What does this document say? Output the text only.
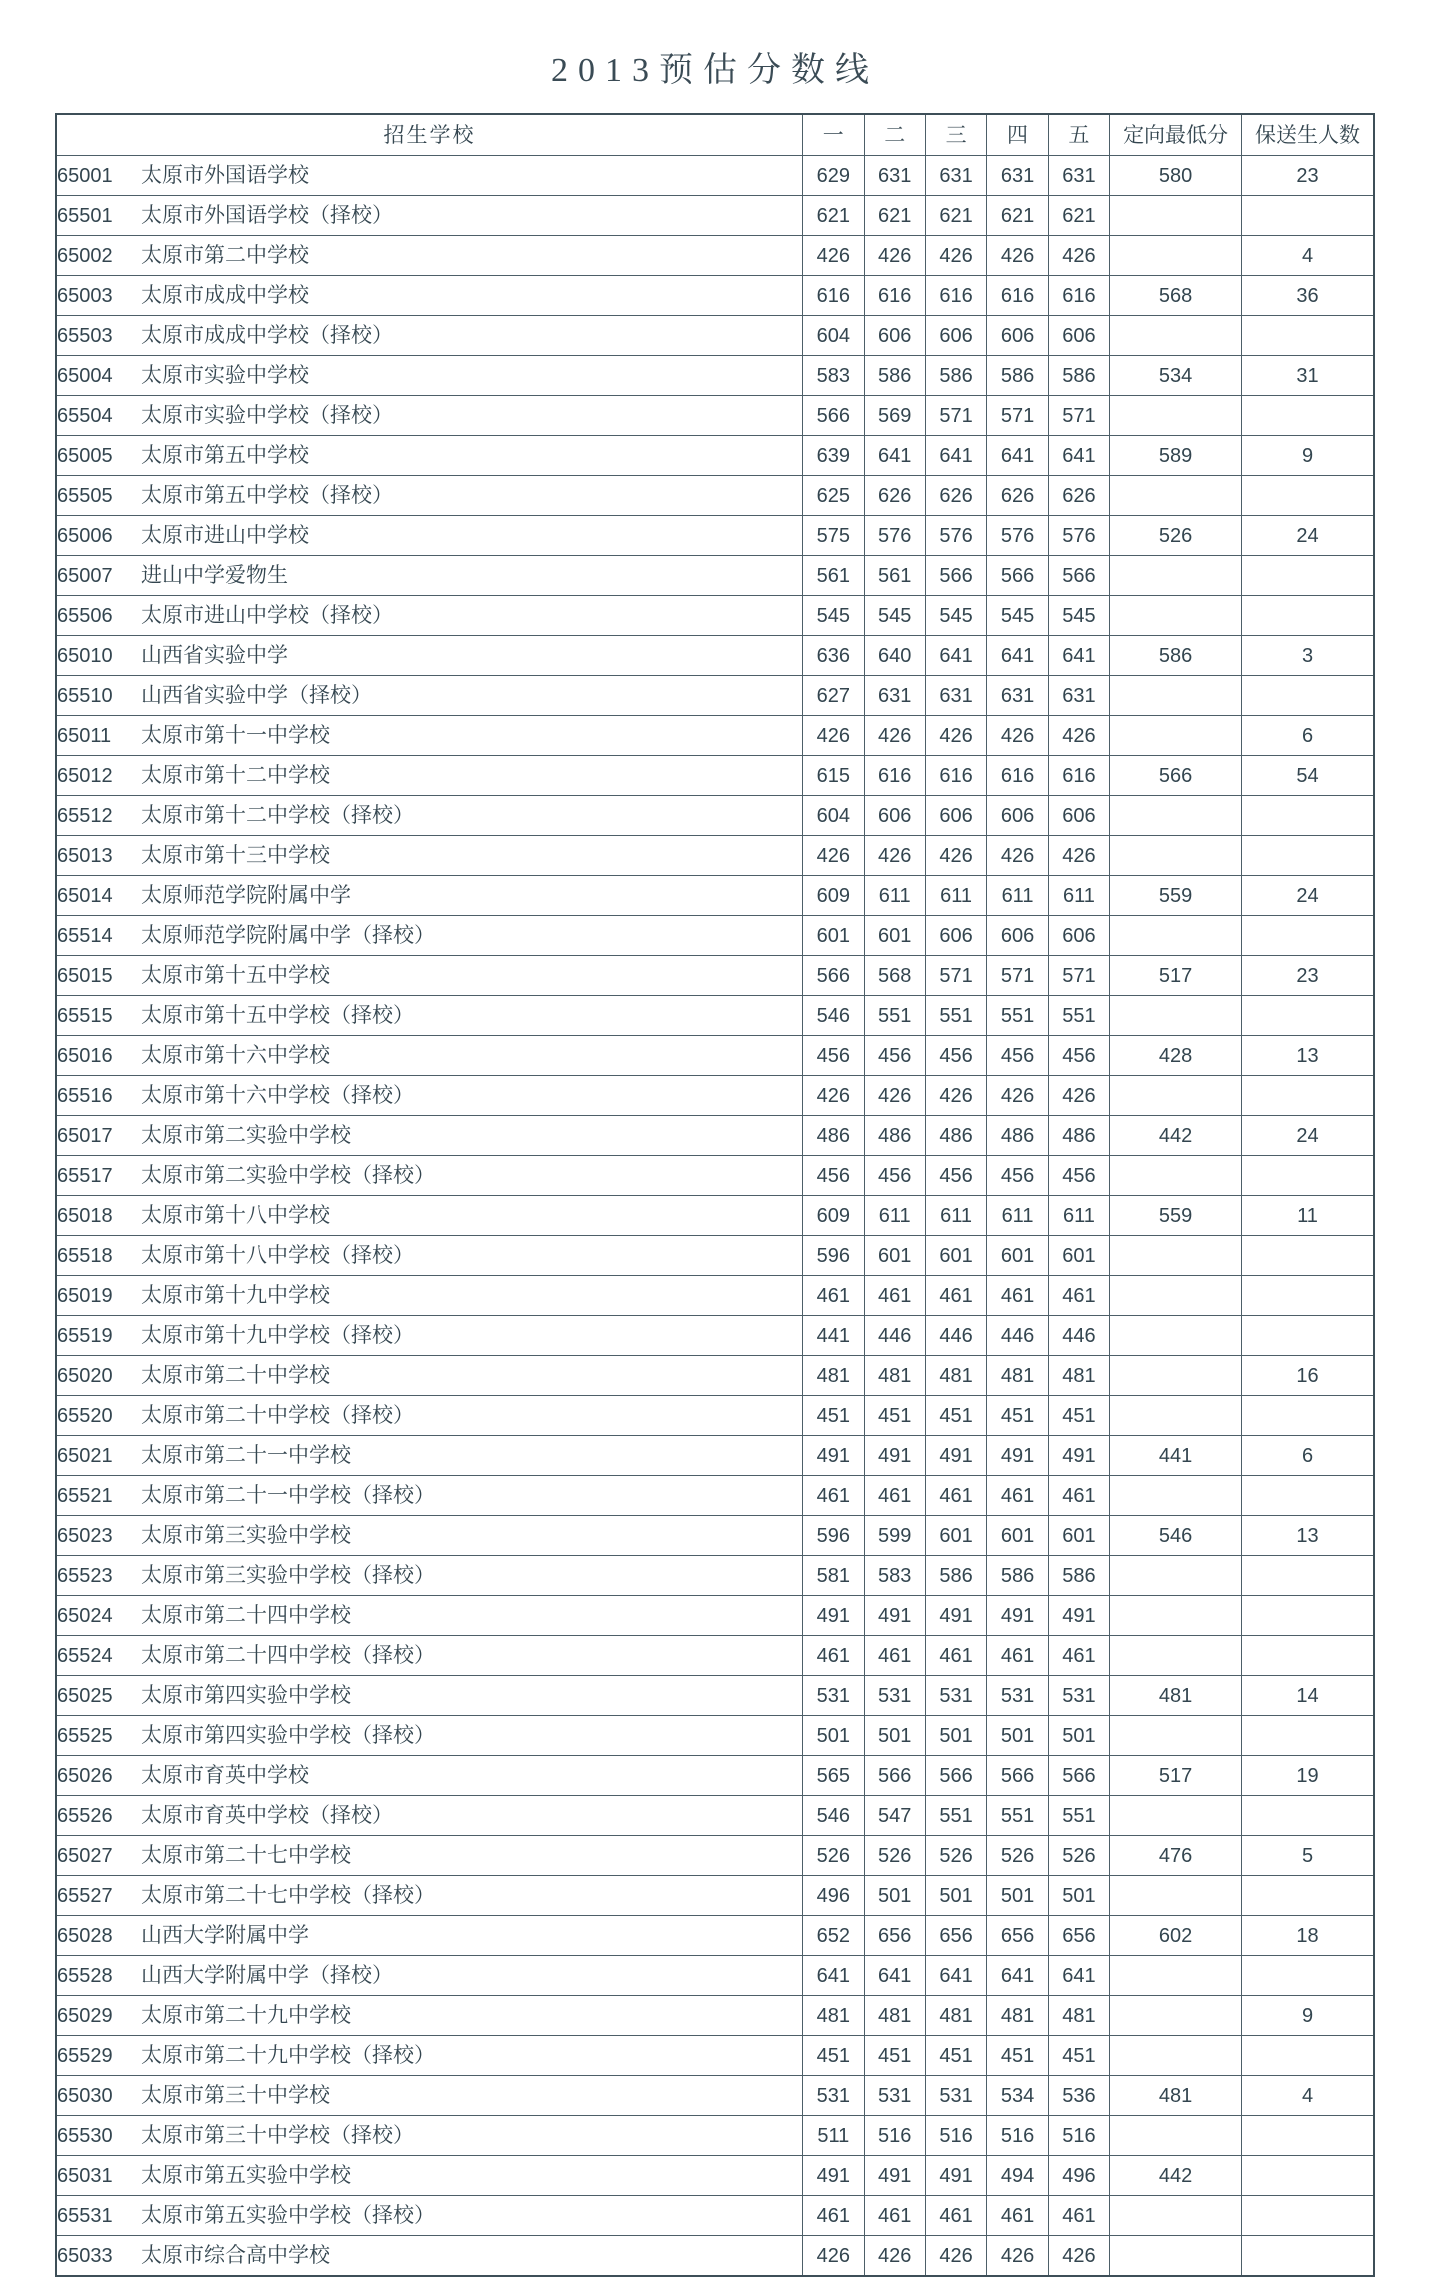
2013预估分数线
招生学校	一	二	三	四	五	定向最低分	保送生人数
65001 太原市外国语学校	629	631	631	631	631	580	23
65501 太原市外国语学校（择校）	621	621	621	621	621		
65002 太原市第二中学校	426	426	426	426	426		4
65003 太原市成成中学校	616	616	616	616	616	568	36
65503 太原市成成中学校（择校）	604	606	606	606	606		
65004 太原市实验中学校	583	586	586	586	586	534	31
65504 太原市实验中学校（择校）	566	569	571	571	571		
65005 太原市第五中学校	639	641	641	641	641	589	9
65505 太原市第五中学校（择校）	625	626	626	626	626		
65006 太原市进山中学校	575	576	576	576	576	526	24
65007 进山中学爱物生	561	561	566	566	566		
65506 太原市进山中学校（择校）	545	545	545	545	545		
65010 山西省实验中学	636	640	641	641	641	586	3
65510 山西省实验中学（择校）	627	631	631	631	631		
65011 太原市第十一中学校	426	426	426	426	426		6
65012 太原市第十二中学校	615	616	616	616	616	566	54
65512 太原市第十二中学校（择校）	604	606	606	606	606		
65013 太原市第十三中学校	426	426	426	426	426		
65014 太原师范学院附属中学	609	611	611	611	611	559	24
65514 太原师范学院附属中学（择校）	601	601	606	606	606		
65015 太原市第十五中学校	566	568	571	571	571	517	23
65515 太原市第十五中学校（择校）	546	551	551	551	551		
65016 太原市第十六中学校	456	456	456	456	456	428	13
65516 太原市第十六中学校（择校）	426	426	426	426	426		
65017 太原市第二实验中学校	486	486	486	486	486	442	24
65517 太原市第二实验中学校（择校）	456	456	456	456	456		
65018 太原市第十八中学校	609	611	611	611	611	559	11
65518 太原市第十八中学校（择校）	596	601	601	601	601		
65019 太原市第十九中学校	461	461	461	461	461		
65519 太原市第十九中学校（择校）	441	446	446	446	446		
65020 太原市第二十中学校	481	481	481	481	481		16
65520 太原市第二十中学校（择校）	451	451	451	451	451		
65021 太原市第二十一中学校	491	491	491	491	491	441	6
65521 太原市第二十一中学校（择校）	461	461	461	461	461		
65023 太原市第三实验中学校	596	599	601	601	601	546	13
65523 太原市第三实验中学校（择校）	581	583	586	586	586		
65024 太原市第二十四中学校	491	491	491	491	491		
65524 太原市第二十四中学校（择校）	461	461	461	461	461		
65025 太原市第四实验中学校	531	531	531	531	531	481	14
65525 太原市第四实验中学校（择校）	501	501	501	501	501		
65026 太原市育英中学校	565	566	566	566	566	517	19
65526 太原市育英中学校（择校）	546	547	551	551	551		
65027 太原市第二十七中学校	526	526	526	526	526	476	5
65527 太原市第二十七中学校（择校）	496	501	501	501	501		
65028 山西大学附属中学	652	656	656	656	656	602	18
65528 山西大学附属中学（择校）	641	641	641	641	641		
65029 太原市第二十九中学校	481	481	481	481	481		9
65529 太原市第二十九中学校（择校）	451	451	451	451	451		
65030 太原市第三十中学校	531	531	531	534	536	481	4
65530 太原市第三十中学校（择校）	511	516	516	516	516		
65031 太原市第五实验中学校	491	491	491	494	496	442	
65531 太原市第五实验中学校（择校）	461	461	461	461	461		
65033 太原市综合高中学校	426	426	426	426	426		
